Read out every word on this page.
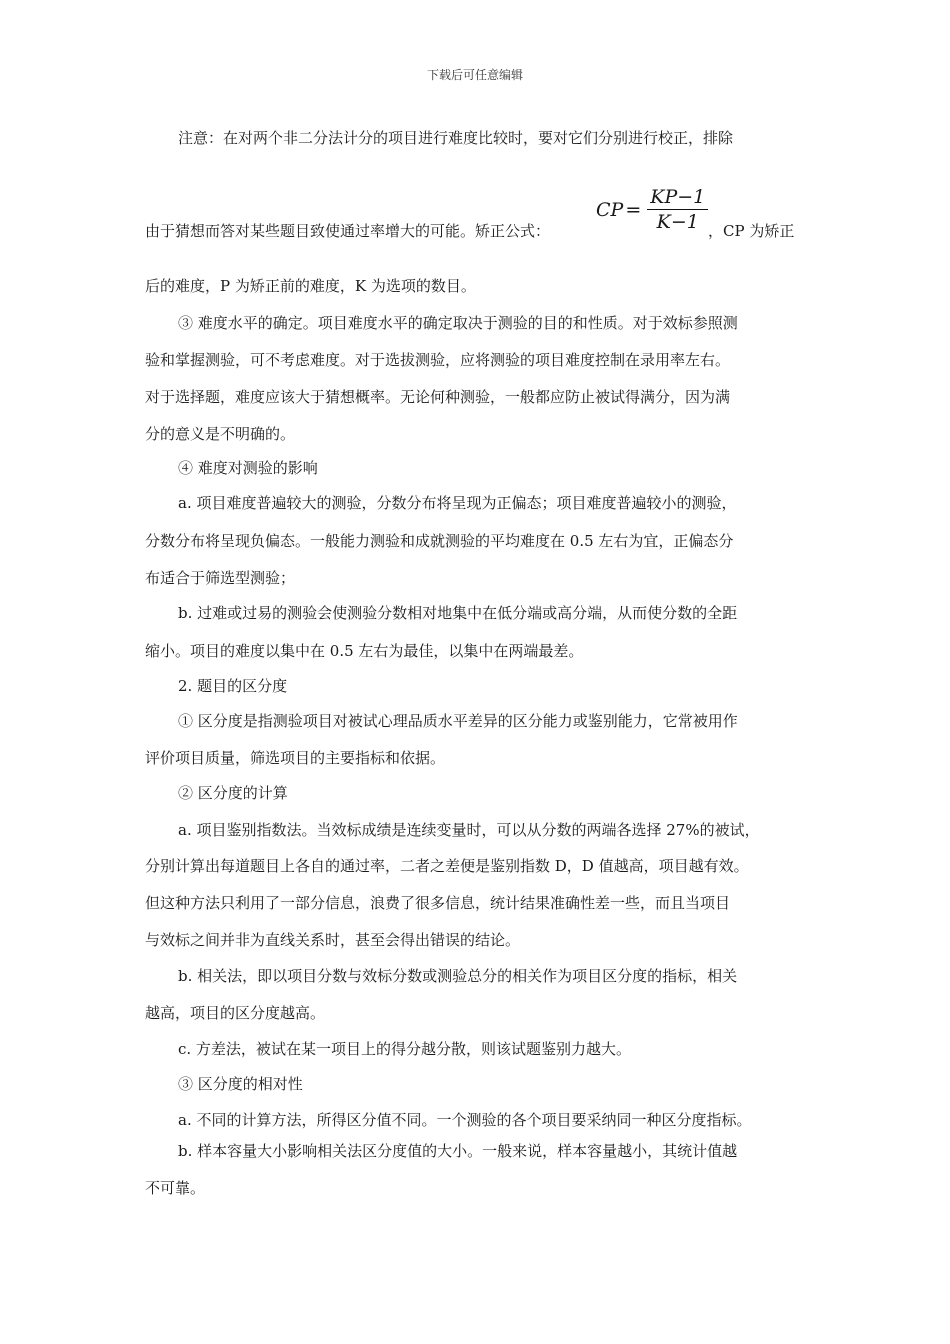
下载后可任意编辑
注意：在对两个非二分法计分的项目进行难度比较时，要对它们分别进行校正，排除
由于猜想而答对某些题目致使通过率增大的可能。矫正公式：
CP = $\frac{KP-1}{K-1}$ ，CP 为矫正
后的难度，P 为矫正前的难度，K 为选项的数目。
③ 难度水平的确定。项目难度水平的确定取决于测验的目的和性质。对于效标参照测
验和掌握测验，可不考虑难度。对于选拔测验，应将测验的项目难度控制在录用率左右。
对于选择题，难度应该大于猜想概率。无论何种测验，一般都应防止被试得满分，因为满
分的意义是不明确的。
④ 难度对测验的影响
a. 项目难度普遍较大的测验，分数分布将呈现为正偏态；项目难度普遍较小的测验，
分数分布将呈现负偏态。一般能力测验和成就测验的平均难度在 0.5 左右为宜，正偏态分
布适合于筛选型测验；
b. 过难或过易的测验会使测验分数相对地集中在低分端或高分端，从而使分数的全距
缩小。项目的难度以集中在 0.5 左右为最佳，以集中在两端最差。
2. 题目的区分度
① 区分度是指测验项目对被试心理品质水平差异的区分能力或鉴别能力，它常被用作
评价项目质量，筛选项目的主要指标和依据。
② 区分度的计算
a. 项目鉴别指数法。当效标成绩是连续变量时，可以从分数的两端各选择 27%的被试，
分别计算出每道题目上各自的通过率，二者之差便是鉴别指数 D，D 值越高，项目越有效。
但这种方法只利用了一部分信息，浪费了很多信息，统计结果准确性差一些，而且当项目
与效标之间并非为直线关系时，甚至会得出错误的结论。
b. 相关法，即以项目分数与效标分数或测验总分的相关作为项目区分度的指标，相关
越高，项目的区分度越高。
c. 方差法，被试在某一项目上的得分越分散，则该试题鉴别力越大。
③ 区分度的相对性
a. 不同的计算方法，所得区分值不同。一个测验的各个项目要采纳同一种区分度指标。
b. 样本容量大小影响相关法区分度值的大小。一般来说，样本容量越小，其统计值越
不可靠。
